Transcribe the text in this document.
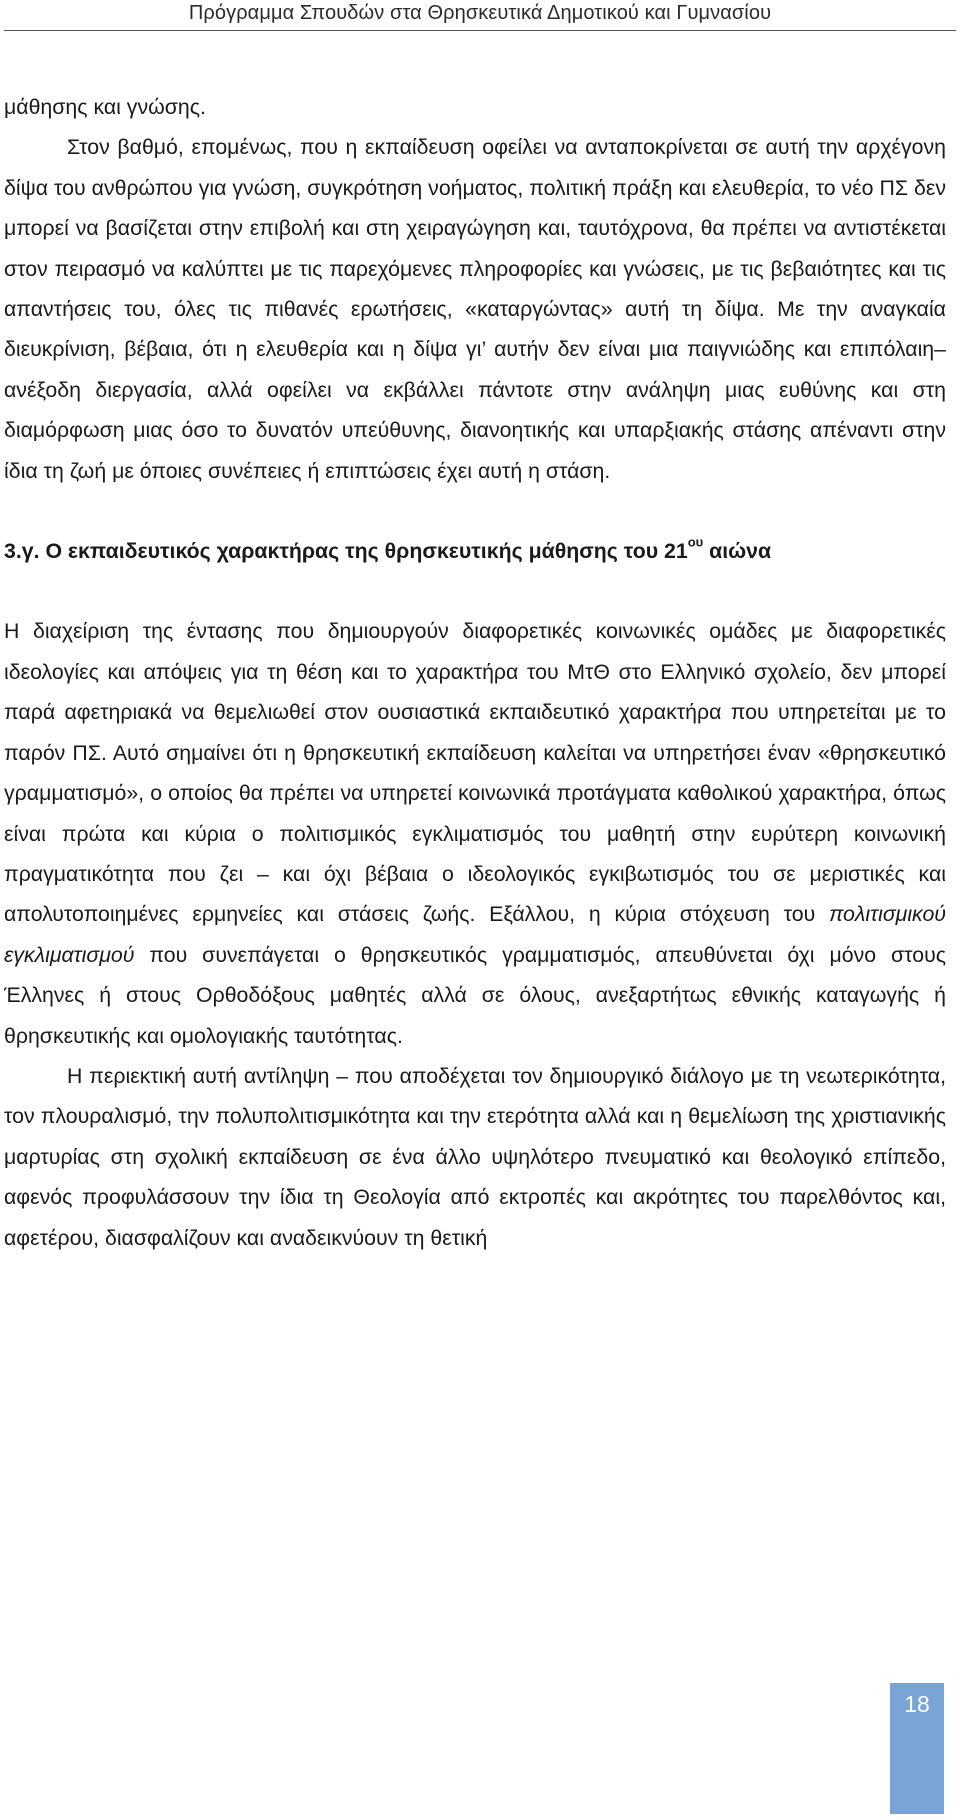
Πρόγραμμα Σπουδών στα Θρησκευτικά Δημοτικού και Γυμνασίου

μάθησης και γνώσης.

Στον βαθμό, επομένως, που η εκπαίδευση οφείλει να ανταποκρίνεται σε αυτή την αρχέγονη δίψα του ανθρώπου για γνώση, συγκρότηση νοήματος, πολιτική πράξη και ελευθερία, το νέο ΠΣ δεν μπορεί να βασίζεται στην επιβολή και στη χειραγώγηση και, ταυτόχρονα, θα πρέπει να αντιστέκεται στον πειρασμό να καλύπτει με τις παρεχόμενες πληροφορίες και γνώσεις, με τις βεβαιότητες και τις απαντήσεις του, όλες τις πιθανές ερωτήσεις, «καταργώντας» αυτή τη δίψα. Με την αναγκαία διευκρίνιση, βέβαια, ότι η ελευθερία και η δίψα γι’ αυτήν δεν είναι μια παιγνιώδης και επιπόλαιη–ανέξοδη διεργασία, αλλά οφείλει να εκβάλλει πάντοτε στην ανάληψη μιας ευθύνης και στη διαμόρφωση μιας όσο το δυνατόν υπεύθυνης, διανοητικής και υπαρξιακής στάσης απέναντι στην ίδια τη ζωή με όποιες συνέπειες ή επιπτώσεις έχει αυτή η στάση.

3.γ. Ο εκπαιδευτικός χαρακτήρας της θρησκευτικής μάθησης του $21^{o\upsilon}$ αιώνα

Η διαχείριση της έντασης που δημιουργούν διαφορετικές κοινωνικές ομάδες με διαφορετικές ιδεολογίες και απόψεις για τη θέση και το χαρακτήρα του ΜτΘ στο Ελληνικό σχολείο, δεν μπορεί παρά αφετηριακά να θεμελιωθεί στον ουσιαστικά εκπαιδευτικό χαρακτήρα που υπηρετείται με το παρόν ΠΣ. Αυτό σημαίνει ότι η θρησκευτική εκπαίδευση καλείται να υπηρετήσει έναν «θρησκευτικό γραμματισμό», ο οποίος θα πρέπει να υπηρετεί κοινωνικά προτάγματα καθολικού χαρακτήρα, όπως είναι πρώτα και κύρια ο πολιτισμικός εγκλιματισμός του μαθητή στην ευρύτερη κοινωνική πραγματικότητα που ζει – και όχι βέβαια ο ιδεολογικός εγκιβωτισμός του σε μεριστικές και απολυτοποιημένες ερμηνείες και στάσεις ζωής. Εξάλλου, η κύρια στόχευση του πολιτισμικού εγκλιματισμού που συνεπάγεται ο θρησκευτικός γραμματισμός, απευθύνεται όχι μόνο στους Έλληνες ή στους Ορθοδόξους μαθητές αλλά σε όλους, ανεξαρτήτως εθνικής καταγωγής ή θρησκευτικής και ομολογιακής ταυτότητας.

Η περιεκτική αυτή αντίληψη – που αποδέχεται τον δημιουργικό διάλογο με τη νεωτερικότητα, τον πλουραλισμό, την πολυπολιτισμικότητα και την ετερότητα αλλά και η θεμελίωση της χριστιανικής μαρτυρίας στη σχολική εκπαίδευση σε ένα άλλο υψηλότερο πνευματικό και θεολογικό επίπεδο, αφενός προφυλάσσουν την ίδια τη Θεολογία από εκτροπές και ακρότητες του παρελθόντος και, αφετέρου, διασφαλίζουν και αναδεικνύουν τη θετική

18
